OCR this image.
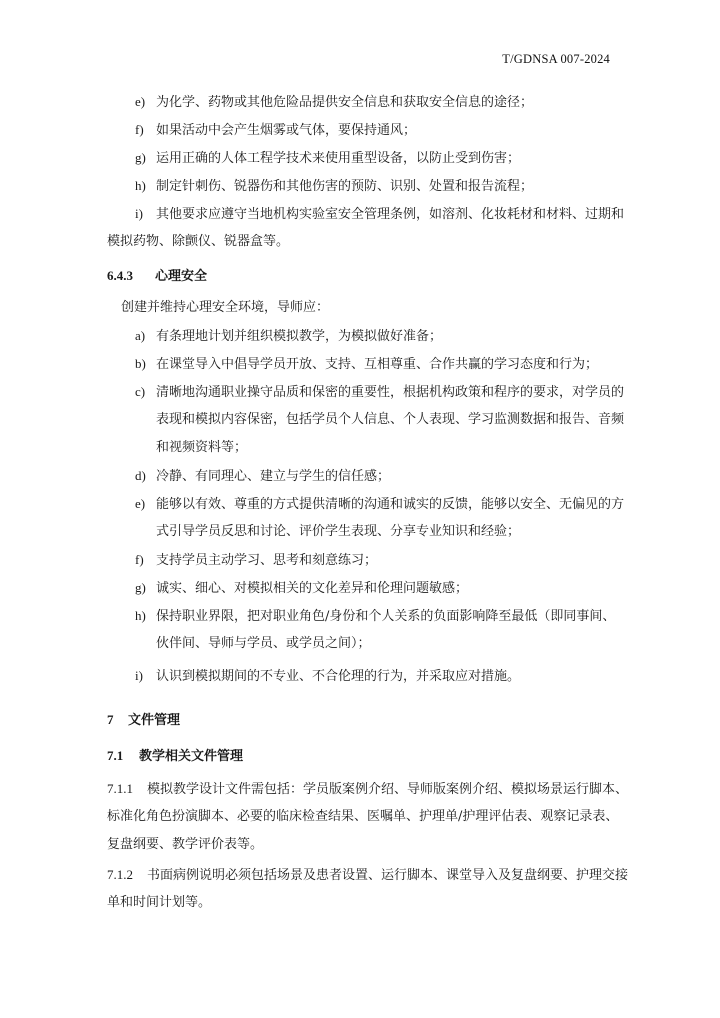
T/GDNSA 007-2024
e) 为化学、药物或其他危险品提供安全信息和获取安全信息的途径；
f) 如果活动中会产生烟雾或气体，要保持通风；
g) 运用正确的人体工程学技术来使用重型设备，以防止受到伤害；
h) 制定针刺伤、锐器伤和其他伤害的预防、识别、处置和报告流程；
i) 其他要求应遵守当地机构实验室安全管理条例，如溶剂、化妆耗材和材料、过期和
模拟药物、除颤仪、锐器盒等。
6.4.3 心理安全
创建并维持心理安全环境，导师应：
a) 有条理地计划并组织模拟教学，为模拟做好准备；
b) 在课堂导入中倡导学员开放、支持、互相尊重、合作共赢的学习态度和行为；
c) 清晰地沟通职业操守品质和保密的重要性，根据机构政策和程序的要求，对学员的
表现和模拟内容保密，包括学员个人信息、个人表现、学习监测数据和报告、音频
和视频资料等；
d) 冷静、有同理心、建立与学生的信任感；
e) 能够以有效、尊重的方式提供清晰的沟通和诚实的反馈，能够以安全、无偏见的方
式引导学员反思和讨论、评价学生表现、分享专业知识和经验；
f) 支持学员主动学习、思考和刻意练习；
g) 诚实、细心、对模拟相关的文化差异和伦理问题敏感；
h) 保持职业界限，把对职业角色/身份和个人关系的负面影响降至最低（即同事间、
伙伴间、导师与学员、或学员之间）；
i) 认识到模拟期间的不专业、不合伦理的行为，并采取应对措施。
7 文件管理
7.1 教学相关文件管理
7.1.1 模拟教学设计文件需包括：学员版案例介绍、导师版案例介绍、模拟场景运行脚本、
标准化角色扮演脚本、必要的临床检查结果、医嘱单、护理单/护理评估表、观察记录表、
复盘纲要、教学评价表等。
7.1.2 书面病例说明必须包括场景及患者设置、运行脚本、课堂导入及复盘纲要、护理交接
单和时间计划等。
